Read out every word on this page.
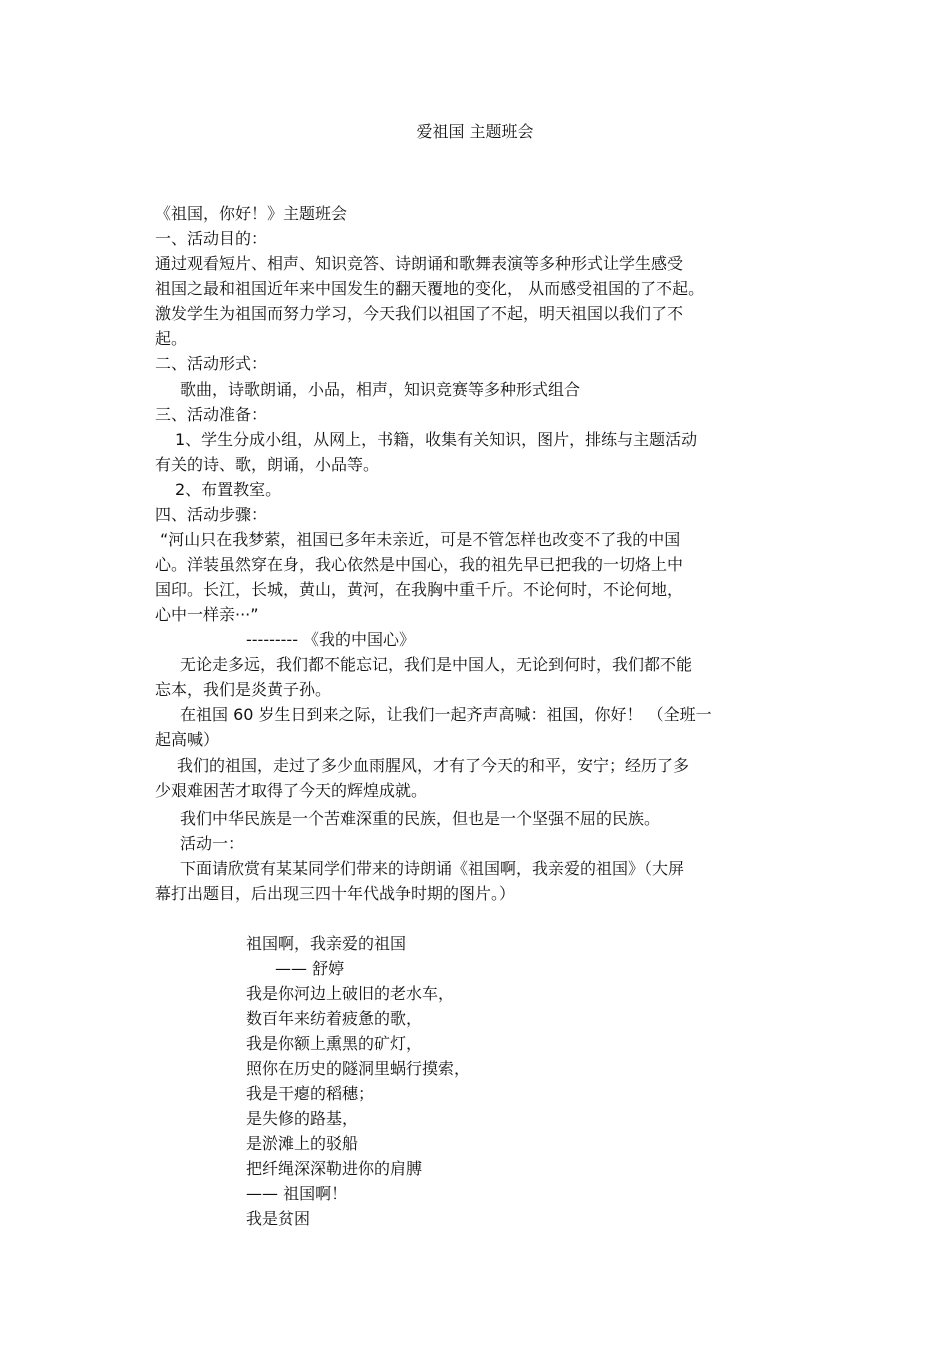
爱祖国 主题班会
《祖国，你好！》主题班会
一、活动目的：
通过观看短片、相声、知识竞答、诗朗诵和歌舞表演等多种形式让学生感受
祖国之最和祖国近年来中国发生的翻天覆地的变化， 从而感受祖国的了不起。
激发学生为祖国而努力学习，今天我们以祖国了不起，明天祖国以我们了不
起。
二、活动形式：
歌曲，诗歌朗诵，小品，相声，知识竞赛等多种形式组合
三、活动准备：
1、学生分成小组，从网上，书籍，收集有关知识，图片，排练与主题活动
有关的诗、歌，朗诵，小品等。
2、布置教室。
四、活动步骤：
“河山只在我梦萦，祖国已多年未亲近，可是不管怎样也改变不了我的中国
心。洋装虽然穿在身，我心依然是中国心，我的祖先早已把我的一切烙上中
国印。长江，长城，黄山，黄河，在我胸中重千斤。不论何时，不论何地，
心中一样亲···”
--------- 《我的中国心》
无论走多远，我们都不能忘记，我们是中国人，无论到何时，我们都不能
忘本，我们是炎黄子孙。
在祖国 60 岁生日到来之际，让我们一起齐声高喊：祖国，你好！ （全班一
起高喊）
我们的祖国，走过了多少血雨腥风，才有了今天的和平，安宁；经历了多
少艰难困苦才取得了今天的辉煌成就。
我们中华民族是一个苦难深重的民族，但也是一个坚强不屈的民族。
活动一：
下面请欣赏有某某同学们带来的诗朗诵《祖国啊，我亲爱的祖国》（大屏
幕打出题目，后出现三四十年代战争时期的图片。）
祖国啊，我亲爱的祖国
—— 舒婷
我是你河边上破旧的老水车，
数百年来纺着疲惫的歌，
我是你额上熏黑的矿灯，
照你在历史的隧洞里蜗行摸索，
我是干瘪的稻穗；
是失修的路基，
是淤滩上的驳船
把纤绳深深勒进你的肩膊
—— 祖国啊！
我是贫困
